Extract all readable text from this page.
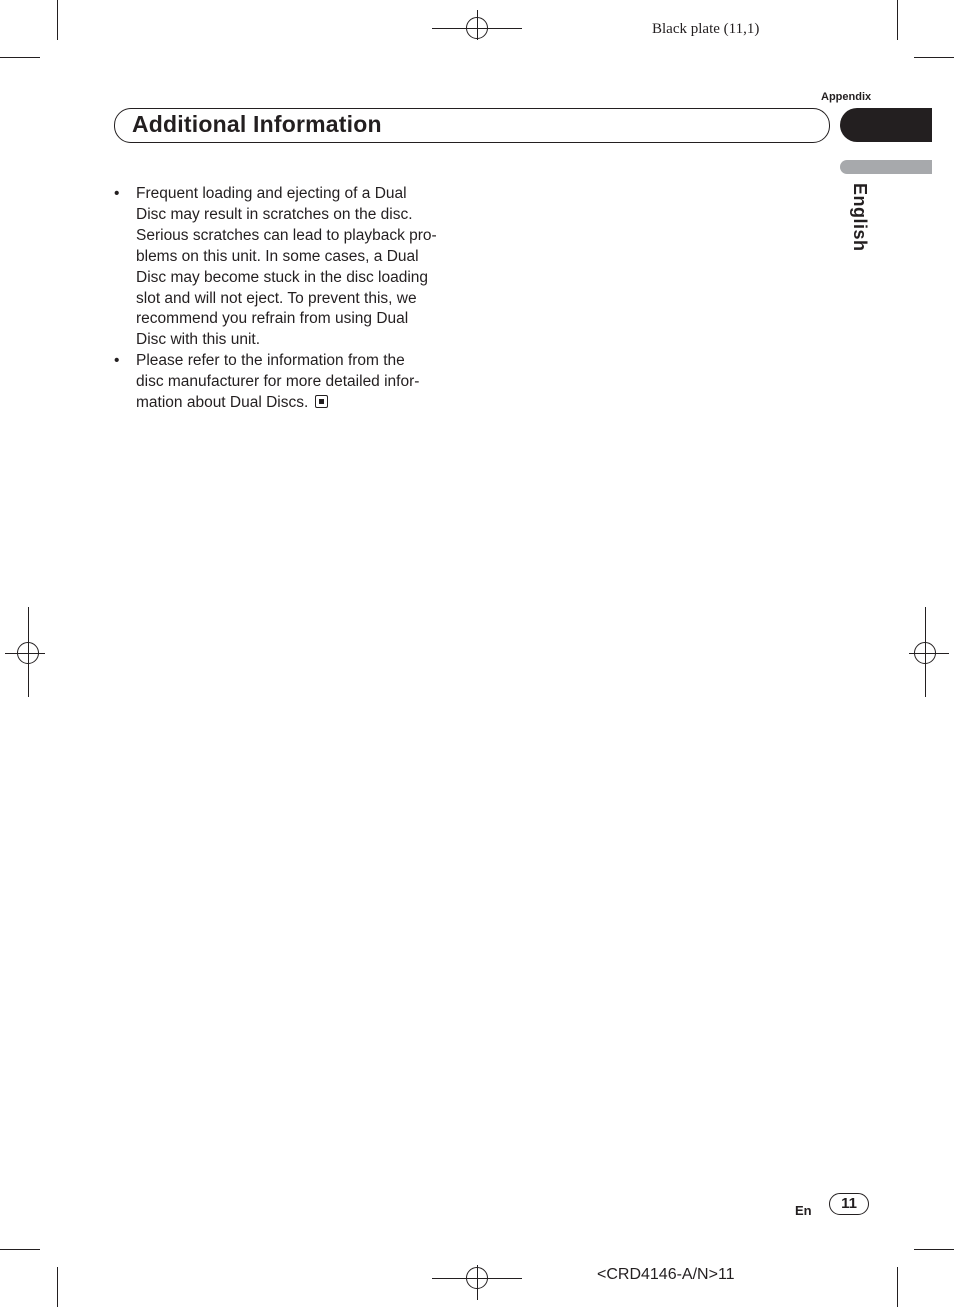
Black plate (11,1)
Appendix
Additional Information
English
• Frequent loading and ejecting of a Dual
Disc may result in scratches on the disc.
Serious scratches can lead to playback pro-
blems on this unit. In some cases, a Dual
Disc may become stuck in the disc loading
slot and will not eject. To prevent this, we
recommend you refrain from using Dual
Disc with this unit.
• Please refer to the information from the
disc manufacturer for more detailed infor-
mation about Dual Discs.
En	11
<CRD4146-A/N>11
